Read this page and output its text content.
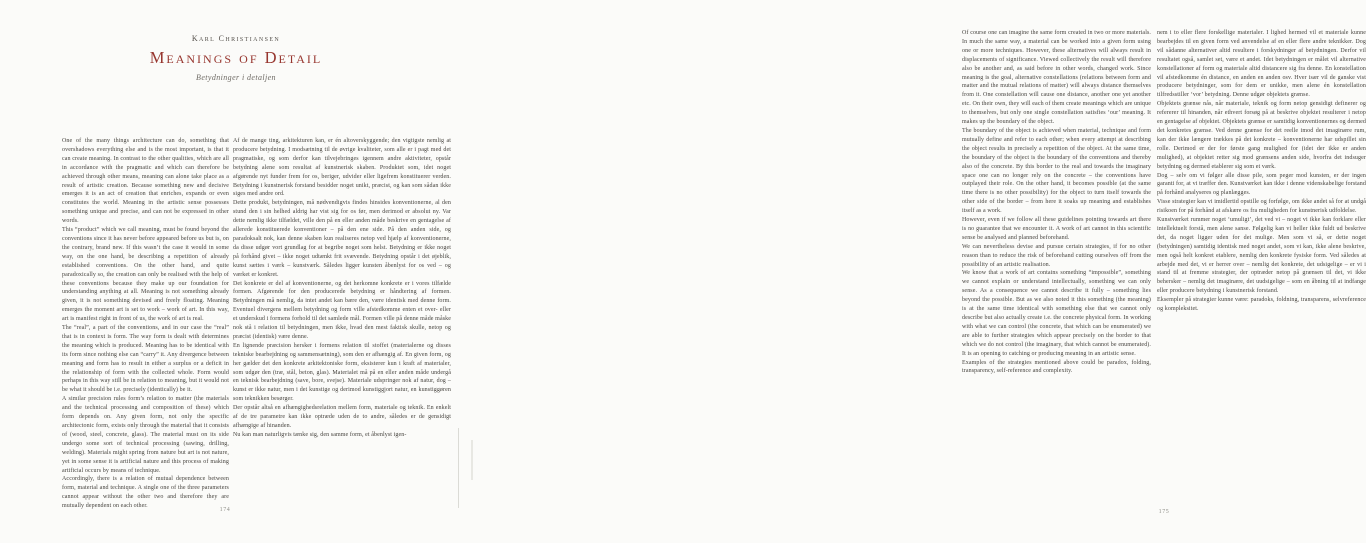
Karl Christiansen
Meanings of Detail
Betydninger i detaljen

One of the many things architecture can do, something that overshadows everything else and is the most important, is that it can create meaning. In contrast to the other qualities, which are all in accordance with the pragmatic and which can therefore be achieved through other means, meaning can alone take place as a result of artistic creation. Because something new and decisive emerges it is an act of creation that enriches, expands or even constitutes the world. Meaning in the artistic sense possesses something unique and precise, and can not be expressed in other words.

This “product” which we call meaning, must be found beyond the conventions since it has never before appeared before us but is, on the contrary, brand new. If this wasn’t the case it would in some way, on the one hand, be describing a repetition of already established conventions. On the other hand, and quite paradoxically so, the creation can only be realised with the help of these conventions because they make up our foundation for understanding anything at all. Meaning is not something already given, it is not something devised and freely floating. Meaning emerges the moment art is set to work – work of art. In this way, art is manifest right in front of us, the work of art is real.

The “real”, a part of the conventions, and in our case the “real” that is in context is form. The way form is dealt with determines the meaning which is produced. Meaning has to be identical with its form since nothing else can “carry” it. Any divergence between meaning and form has to result in either a surplus or a deficit in the relationship of form with the collected whole. Form would perhaps in this way still be in relation to meaning, but it would not be what it should be i.e. precisely (identically) be it.

A similar precision rules form’s relation to matter (the materials and the technical processing and composition of these) which form depends on. Any given form, not only the specific architectonic form, exists only through the material that it consists of (wood, steel, concrete, glass). The material must on its side undergo some sort of technical processing (sawing, drilling, welding). Materials might spring from nature but art is not nature, yet in some sense it is artificial nature and this process of making artificial occurs by means of technique.

Accordingly, there is a relation of mutual dependence between form, material and technique. A single one of the three parameters cannot appear without the other two and therefore they are mutually dependent on each other.

Af de mange ting, arkitekturen kan, er én altoverskyggende; den vigtigste nemlig at producere betydning. I modsætning til de øvrige kvaliteter, som alle er i pagt med det pragmatiske, og som derfor kan tilvejebringes igennem andre aktiviteter, opstår betydning alene som resultat af kunstnerisk skaben. Produktet som, idet noget afgørende nyt funder frem for os, beriger, udvider eller ligefrem konstituerer verden. Betydning i kunstnerisk forstand besidder noget unikt, præcist, og kan som sådan ikke siges med andre ord.

Dette produkt, betydningen, må nødvendigvis findes hinsides konventionerne, al den stund den i sin helhed aldrig har vist sig for os før, men derimod er absolut ny. Var dette nemlig ikke tilfældet, ville den på en eller anden måde beskrive en gentagelse af allerede konstituerede konventioner – på den ene side. På den anden side, og paradoksalt nok, kan denne skaben kun realiseres netop ved hjælp af konventionerne, da disse udgør vort grundlag for at begribe noget som helst. Betydning er ikke noget på forhånd givet – ikke noget udtænkt frit svævende. Betydning opstår i det øjeblik, kunst sættes i værk – kunstværk. Således ligger kunsten åbenlyst for os ved – og værket er konkret.

Det konkrete er del af konventionerne, og det herkomne konkrete er i vores tilfælde formen. Afgørende for den producerede betydning er håndtering af formen. Betydningen må nemlig, da intet andet kan bære den, være identisk med denne form. Eventuel divergens mellem betydning og form ville afstedkomme enten et over- eller et underskud i formens forhold til det samlede mål. Formen ville på denne måde måske nok stå i relation til betydningen, men ikke, hvad den mest faktisk skulle, netop og præcist (identisk) være denne.

En lignende præcision hersker i formens relation til stoffet (materialerne og disses tekniske bearbejdning og sammensætning), som den er afhængig af. En given form, og her gælder det den konkrete arkitektoniske form, eksisterer kun i kraft af materialer, som udgør den (træ, stål, beton, glas). Materialet må på en eller anden måde undergå en teknisk bearbejdning (save, bore, svejse). Materiale udspringer nok af natur, dog – kunst er ikke natur, men i det kunstige og derimod kunstiggjort natur, en kunstiggøren som teknikken besørger.

Der opstår altså en afhængighedsrelation mellem form, materiale og teknik. En enkelt af de tre parametre kan ikke optræde uden de to andre, således er de gensidigt afhængige af hinanden.

Nu kan man naturligvis tænke sig, den samme form, et åbenlyst igen-

174

Of course one can imagine the same form created in two or more materials. In much the same way, a material can be worked into a given form using one or more techniques. However, these alternatives will always result in displacements of significance. Viewed collectively the result will therefore also be another and, as said before in other words, changed work. Since meaning is the goal, alternative constellations (relations between form and matter and the mutual relations of matter) will always distance themselves from it. One constellation will cause one distance, another one yet another etc. On their own, they will each of them create meanings which are unique to themselves, but only one single constellation satisfies ‘our’ meaning. It makes up the boundary of the object.

The boundary of the object is achieved when material, technique and form mutually define and refer to each other; when every attempt at describing the object results in precisely a repetition of the object. At the same time, the boundary of the object is the boundary of the conventions and thereby also of the concrete. By this border to the real and towards the imaginary space one can no longer rely on the concrete – the conventions have outplayed their role. On the other hand, it becomes possible (at the same time there is no other possibility) for the object to turn itself towards the other side of the border – from here it soaks up meaning and establishes itself as a work.

However, even if we follow all these guidelines pointing towards art there is no guarantee that we encounter it. A work of art cannot in this scientific sense be analysed and planned beforehand.

We can nevertheless devise and pursue certain strategies, if for no other reason than to reduce the risk of beforehand cutting ourselves off from the possibility of an artistic realisation.

We know that a work of art contains something “impossible”, something we cannot explain or understand intellectually, something we can only sense. As a consequence we cannot describe it fully – something lies beyond the possible. But as we also noted it this something (the meaning) is at the same time identical with something else that we cannot only describe but also actually create i.e. the concrete physical form. In working with what we can control (the concrete, that which can be enumerated) we are able to further strategies which appear precisely on the border to that which we do not control (the imaginary, that which cannot be enumerated). It is an opening to catching or producing meaning in an artistic sense.

Examples of the strategies mentioned above could be paradox, folding, transparency, self-reference and complexity.

nem i to eller flere forskellige materialer. I lighed hermed vil et materiale kunne bearbejdes til en given form ved anvendelse af en eller flere andre teknikker. Dog vil sådanne alternativer altid resultere i forskydninger af betydningen. Derfor vil resultatet også, samlet set, være et andet. Idet betydningen er målet vil alternative konstellationer af form og materiale altid distancere sig fra denne. En konstellation vil afstedkomme én distance, en anden en anden osv. Hver især vil de ganske vist producere betydninger, som for dem er unikke, men alene én konstellation tilfredsstiller ‘vor’ betydning. Denne udgør objektets grænse.

Objektets grænse nås, når materiale, teknik og form netop gensidigt definerer og refererer til hinanden, når ethvert forsøg på at beskrive objektet resulterer i netop en gentagelse af objektet. Objektets grænse er samtidig konventionernes og dermed det konkretes grænse. Ved denne grænse for det reelle imod det imaginære rum, kan der ikke længere trækkes på det konkrete – konventionerne har udspillet sin rolle. Derimod er der for første gang mulighed for (idet der ikke er anden mulighed), at objektet retter sig mod grænsens anden side, hvorfra det indsuger betydning og dermed etablerer sig som et værk.

Dog – selv om vi følger alle disse pile, som peger mod kunsten, er der ingen garanti for, at vi træffer den. Kunstværket kan ikke i denne videnskabelige forstand på forhånd analyseres og planlægges.

Visse strategier kan vi imidlertid opstille og forfølge, om ikke andet så for at undgå risikoen for på forhånd at afskære os fra muligheden for kunstnerisk udfoldelse.

Kunstværket rummer noget ‘umuligt’, det ved vi – noget vi ikke kan forklare eller intellektuelt forstå, men alene sanse. Følgelig kan vi heller ikke fuldt ud beskrive det, da noget ligger uden for det mulige. Men som vi så, er dette noget (betydningen) samtidig identisk med noget andet, som vi kan, ikke alene beskrive, men også helt konkret etablere, nemlig den konkrete fysiske form. Ved således at arbejde med det, vi er herrer over – nemlig det konkrete, det udsigelige – er vi i stand til at fremme strategier, der optræder netop på grænsen til det, vi ikke behersker – nemlig det imaginære, det uudsigelige – som en åbning til at indfange eller producere betydning i kunstnerisk forstand.

Eksempler på strategier kunne være: paradoks, foldning, transparens, selvreference og kompleksitet.

175
